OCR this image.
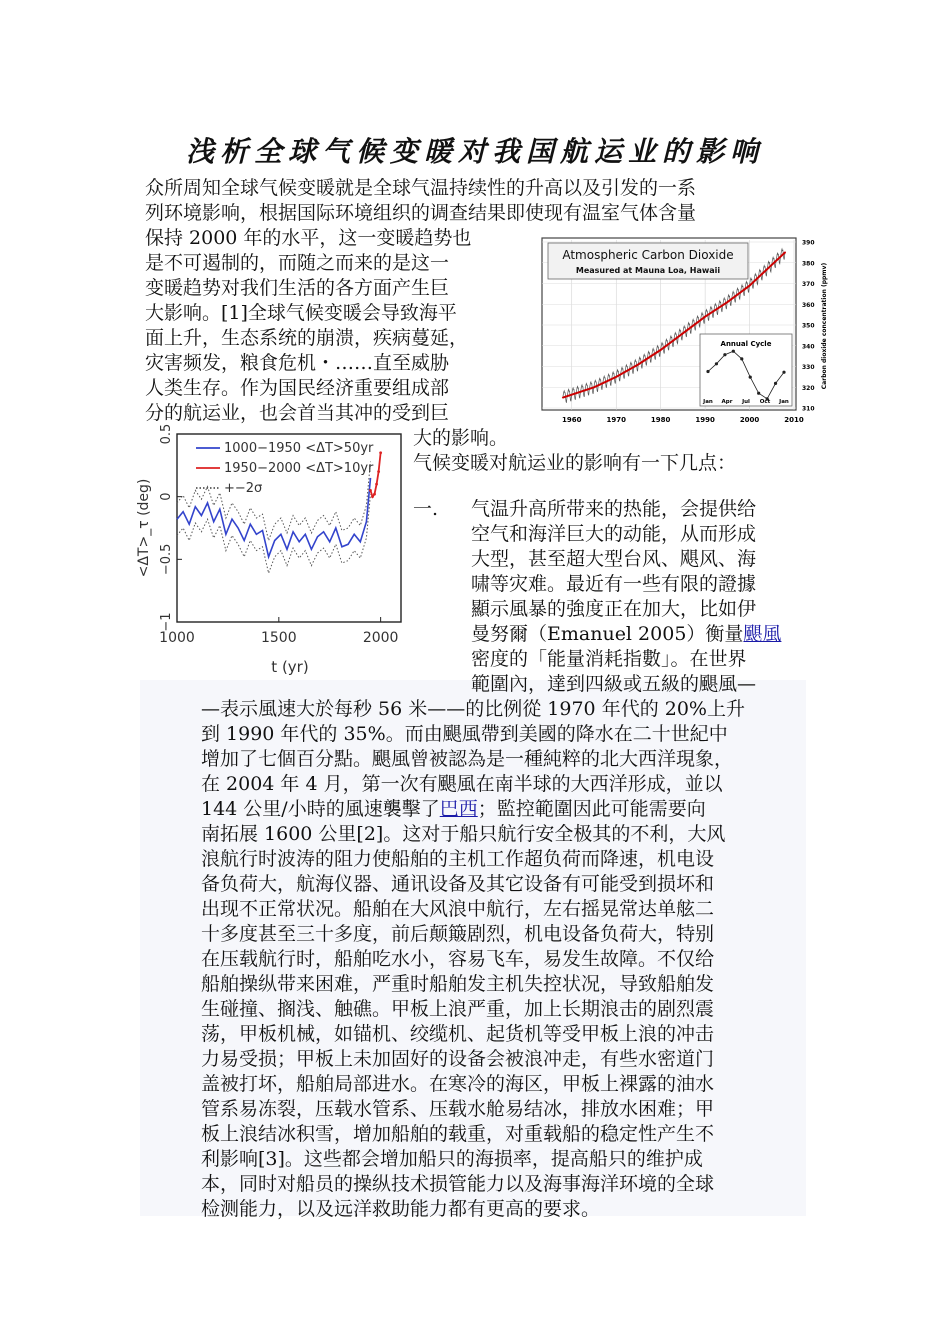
浅析全球气候变暖对我国航运业的影响
众所周知全球气候变暖就是全球气温持续性的升高以及引发的一系
列环境影响，根据国际环境组织的调查结果即使现有温室气体含量
保持 2000 年的水平，这一变暖趋势也
是不可遏制的，而随之而来的是这一
变暖趋势对我们生活的各方面产生巨
大影响。[1]全球气候变暖会导致海平
面上升，生态系统的崩溃，疾病蔓延，
灾害频发，粮食危机・……直至威胁
人类生存。作为国民经济重要组成部
分的航运业，也会首当其冲的受到巨
大的影响。
气候变暖对航运业的影响有一下几点：
一. 气温升高所带来的热能，会提供给
空气和海洋巨大的动能，从而形成
大型，甚至超大型台风、飓风、海
啸等灾难。最近有一些有限的證據
顯示風暴的強度正在加大，比如伊
曼努爾（Emanuel 2005）衡量颶風
密度的「能量消耗指數」。在世界
範圍內，達到四級或五級的颶風—
—表示風速大於每秒 56 米——的比例從 1970 年代的 20%上升
到 1990 年代的 35%。而由颶風帶到美國的降水在二十世紀中
增加了七個百分點。颶風曾被認為是一種純粹的北大西洋現象，
在 2004 年 4 月，第一次有颶風在南半球的大西洋形成，並以
144 公里/小時的風速襲擊了巴西；監控範圍因此可能需要向
南拓展 1600 公里[2]。这对于船只航行安全极其的不利，大风
浪航行时波涛的阻力使船舶的主机工作超负荷而降速，机电设
备负荷大，航海仪器、通讯设备及其它设备有可能受到损坏和
出现不正常状况。船舶在大风浪中航行，左右摇晃常达单舷二
十多度甚至三十多度，前后颠簸剧烈，机电设备负荷大，特别
在压载航行时，船舶吃水小，容易飞车，易发生故障。不仅给
船舶操纵带来困难，严重时船舶发主机失控状况，导致船舶发
生碰撞、搁浅、触礁。甲板上浪严重，加上长期浪击的剧烈震
荡，甲板机械，如锚机、绞缆机、起货机等受甲板上浪的冲击
力易受损；甲板上未加固好的设备会被浪冲走，有些水密道门
盖被打坏，船舶局部进水。在寒冷的海区，甲板上裸露的油水
管系易冻裂，压载水管系、压载水舱易结冰，排放水困难；甲
板上浪结冰积雪，增加船舶的载重，对重载船的稳定性产生不
利影响[3]。这些都会增加船只的海损率，提高船只的维护成
本，同时对船员的操纵技术损管能力以及海事海洋环境的全球
检测能力，以及远洋救助能力都有更高的要求。
Atmospheric Carbon Dioxide
Measured at Mauna Loa, Hawaii
1960	1970	1980	1990	2000	2010
390
380
370
360
350
340
330
320
310
Carbon dioxide concentration (ppmv)
Annual Cycle
Jan Apr Jul Oct Jan
1000−1950 <ΔT>50yr
1950−2000 <ΔT>10yr
+−2σ
1000	1500	2000
0.5
0
−0.5
−1
t (yr)
<ΔT>_τ (deg)
